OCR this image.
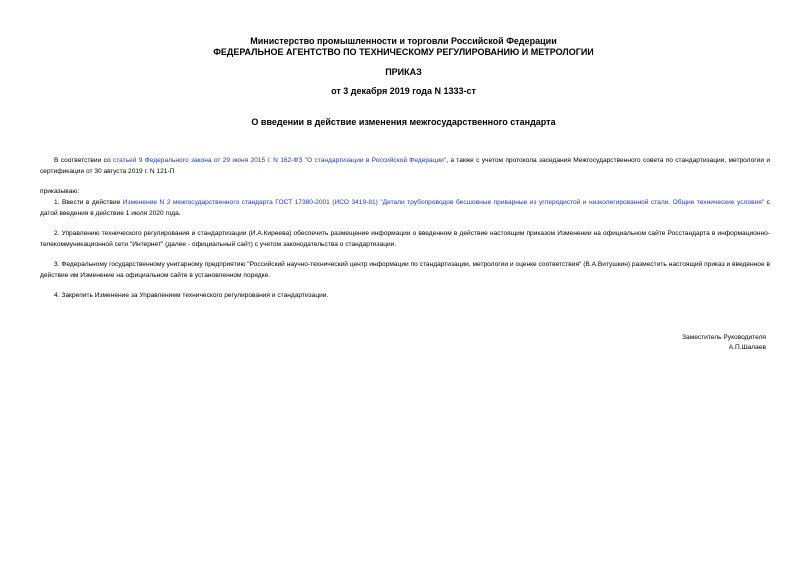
Министерство промышленности и торговли Российской Федерации
ФЕДЕРАЛЬНОЕ АГЕНТСТВО ПО ТЕХНИЧЕСКОМУ РЕГУЛИРОВАНИЮ И МЕТРОЛОГИИ
ПРИКАЗ
от 3 декабря 2019 года N 1333-ст
О введении в действие изменения межгосударственного стандарта
В соответствии со статьей 9 Федерального закона от 29 июня 2015 г. N 162-ФЗ "О стандартизации в Российской Федерации", а также с учетом протокола заседания Межгосударственного совета по стандартизации, метрологии и сертификации от 30 августа 2019 г. N 121-П
приказываю:
1. Ввести в действие Изменение N 2 межгосударственного стандарта ГОСТ 17380-2001 (ИСО 3419-81) "Детали трубопроводов бесшовные приварные из углеродистой и низколегированной стали. Общие технические условия" с датой введения в действие 1 июля 2020 года.
2. Управлению технического регулирования и стандартизации (И.А.Киреева) обеспечить размещение информации о введенном в действие настоящим приказом Изменении на официальном сайте Росстандарта в информационно-телекоммуникационной сети "Интернет" (далее - официальный сайт) с учетом законодательства о стандартизации.
3. Федеральному государственному унитарному предприятию "Российский научно-технический центр информации по стандартизации, метрологии и оценке соответствия" (В.А.Витушкин) разместить настоящий приказ и введенное в действие им Изменение на официальном сайте в установленном порядке.
4. Закрепить Изменение за Управлением технического регулирования и стандартизации.
Заместитель Руководителя
А.П.Шалаев
